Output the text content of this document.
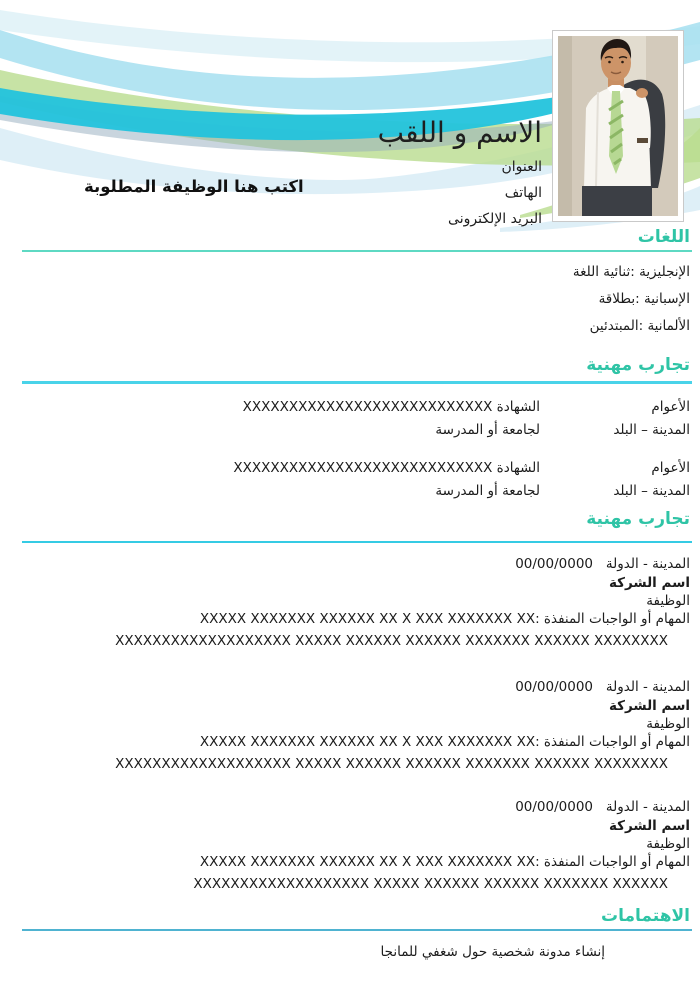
الاسم و اللقب
العنوان
الهاتف
البريد الإلكترونى
اكتب هنا الوظيفة المطلوبة
اللغات
الإنجليزية :ثنائية اللغة
الإسبانية :بطلاقة
الألمانية :المبتدئين
تجارب مهنية
الأعوام
الشهادة XXXXXXXXXXXXXXXXXXXXXXXXXXX
المدينة – البلد
لجامعة أو المدرسة
الأعوام
الشهادة XXXXXXXXXXXXXXXXXXXXXXXXXXXX
المدينة – البلد
لجامعة أو المدرسة
تجارب مهنية
المدينة - الدولة   00/00/0000
اسم الشركة
الوظيفة
المهام أو الواجبات المنفذة :XXXXX XXXXXXX XXXXXX XX X XXX XXXXXXX XX
XXXXXXXXXXXXXXXXXXX XXXXX XXXXXX XXXXXX XXXXXXX XXXXXX XXXXXXXX
المدينة - الدولة   00/00/0000
اسم الشركة
الوظيفة
المهام أو الواجبات المنفذة :XXXXX XXXXXXX XXXXXX XX X XXX XXXXXXX XX
XXXXXXXXXXXXXXXXXXX XXXXX XXXXXX XXXXXX XXXXXXX XXXXXX XXXXXXXX
المدينة - الدولة   00/00/0000
اسم الشركة
الوظيفة
المهام أو الواجبات المنفذة :XXXXX XXXXXXX XXXXXX XX X XXX XXXXXXX XX
XXXXXXXXXXXXXXXXXXX XXXXX XXXXXX XXXXXX XXXXXXX XXXXXX
الاهتمامات
إنشاء مدونة شخصية حول شغفي للمانجا
